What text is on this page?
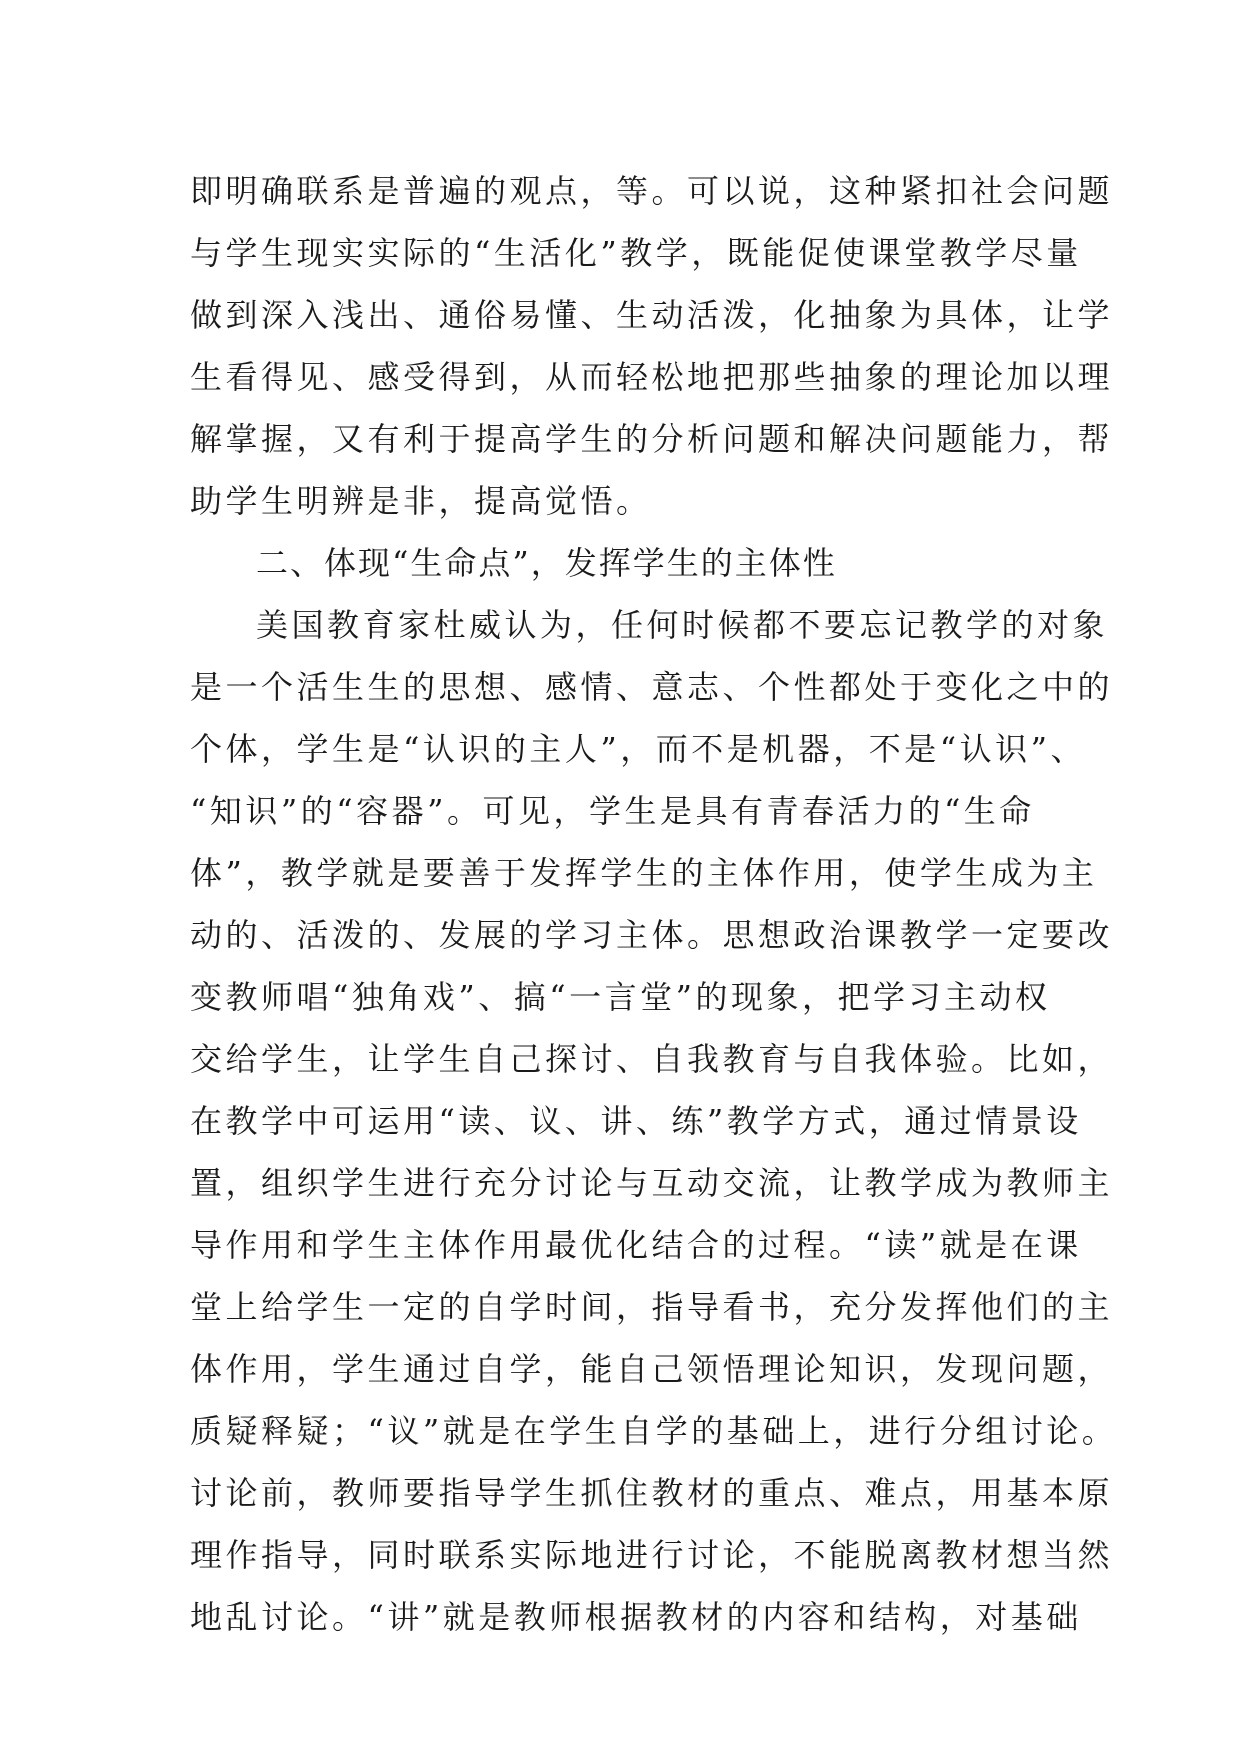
即明确联系是普遍的观点，等。可以说，这种紧扣社会问题
与学生现实实际的“生活化”教学，既能促使课堂教学尽量
做到深入浅出、通俗易懂、生动活泼，化抽象为具体，让学
生看得见、感受得到，从而轻松地把那些抽象的理论加以理
解掌握，又有利于提高学生的分析问题和解决问题能力，帮
助学生明辨是非，提高觉悟。
二、体现“生命点”，发挥学生的主体性
美国教育家杜威认为，任何时候都不要忘记教学的对象
是一个活生生的思想、感情、意志、个性都处于变化之中的
个体，学生是“认识的主人”，而不是机器，不是“认识”、
“知识”的“容器”。可见，学生是具有青春活力的“生命
体”，教学就是要善于发挥学生的主体作用，使学生成为主
动的、活泼的、发展的学习主体。思想政治课教学一定要改
变教师唱“独角戏”、搞“一言堂”的现象，把学习主动权
交给学生，让学生自己探讨、自我教育与自我体验。比如，
在教学中可运用“读、议、讲、练”教学方式，通过情景设
置，组织学生进行充分讨论与互动交流，让教学成为教师主
导作用和学生主体作用最优化结合的过程。“读”就是在课
堂上给学生一定的自学时间，指导看书，充分发挥他们的主
体作用，学生通过自学，能自己领悟理论知识，发现问题，
质疑释疑；“议”就是在学生自学的基础上，进行分组讨论。
讨论前，教师要指导学生抓住教材的重点、难点，用基本原
理作指导，同时联系实际地进行讨论，不能脱离教材想当然
地乱讨论。“讲”就是教师根据教材的内容和结构，对基础
